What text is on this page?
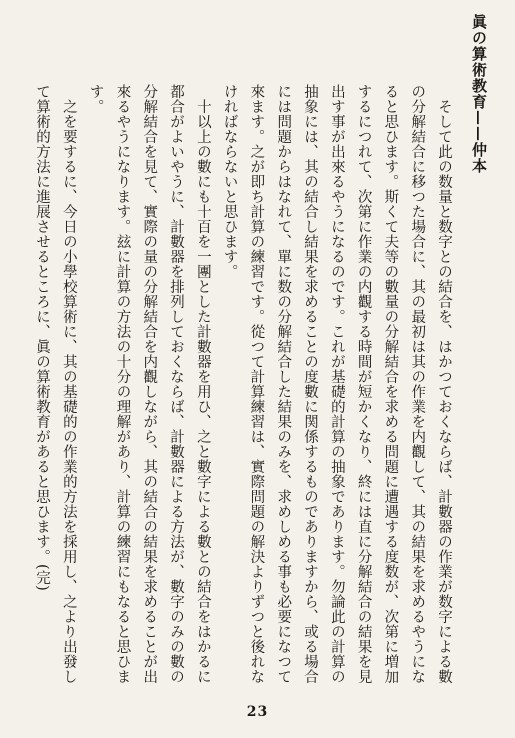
眞の算術教育——仲本

そして此の数量と数字との結合を、はかつておくならば、計數器の作業が数字による數の分解結合に移つた場合に、其の最初は其の作業を内觀して、其の結果を求めるやうになると思ひます。斯くて夫等の數量の分解結合を求める問題に遭遇する度数が、次第に増加するにつれて、次第に作業の内觀する時間が短かくなり、終には直に分解結合の結果を見出す事が出來るやうになるのです。これが基礎的計算の抽象であります。勿論此の計算の抽象には、其の結合し結果を求めることの度數に関係するものでありますから、或る場合には問題からはなれて、單に数の分解結合した結果のみを、求めしめる事も必要になつて來ます。之が即ち計算の練習です。從つて計算練習は、實際問題の解決よりずつと後れなければならないと思ひます。

十以上の數にも十百を一團とした計數器を用ひ、之と數字による數との結合をはかるに都合がよいやうに、計數器を排列しておくならば、計數器による方法が、數字のみの數の分解結合を見て、實際の量の分解結合を内觀しながら、其の結合の結果を求めることが出來るやうになります。玆に計算の方法の十分の理解があり、計算の練習にもなると思ひます。

之を要するに、今日の小學校算術に、其の基礎的の作業的方法を採用し、之より出發して算術的方法に進展させるところに、眞の算術教育があると思ひます。(完)

23
